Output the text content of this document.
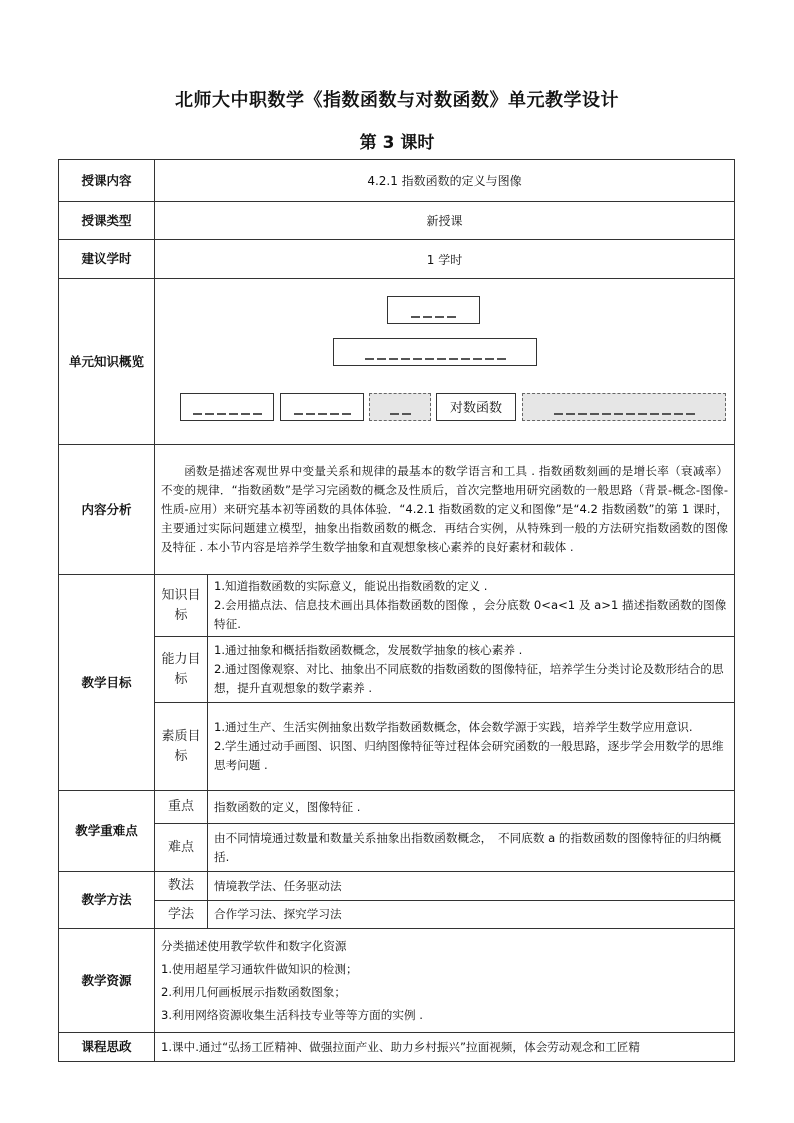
北师大中职数学《指数函数与对数函数》单元教学设计
第 3 课时
授课内容	4.2.1 指数函数的定义与图像	
授课类型	新授课	
建议学时	1 学时	
单元知识概览	对数函数	

内容分析	函数是描述客观世界中变量关系和规律的最基本的数学语言和工具 . 指数函数刻画的是增长率（衰减率）不变的规律．“指数函数”是学习完函数的概念及性质后，首次完整地用研究函数的一般思路（背景-概念-图像-性质-应用）来研究基本初等函数的具体体验．“4.2.1 指数函数的定义和图像”是“4.2 指数函数”的第 1 课时，主要通过实际问题建立模型，抽象出指数函数的概念．再结合实例，从特殊到一般的方法研究指数函数的图像及特征 . 本小节内容是培养学生数学抽象和直观想象核心素养的良好素材和载体 .	

教学目标	知识目标	1.知道指数函数的实际意义，能说出指数函数的定义 .

2.会用描点法、信息技术画出具体指数函数的图像 ，会分底数 0<a<1 及 a>1 描述指数函数的图像特征.

	能力目标	1.通过抽象和概括指数函数概念，发展数学抽象的核心素养 .

2.通过图像观察、对比、抽象出不同底数的指数函数的图像特征，培养学生分类讨论及数形结合的思想，提升直观想象的数学素养 .

	素质目标	1.通过生产、生活实例抽象出数学指数函数概念，体会数学源于实践，培养学生数学应用意识.

2.学生通过动手画图、识图、归纳图像特征等过程体会研究函数的一般思路，逐步学会用数学的思维思考问题 .

教学重难点	重点	指数函数的定义，图像特征 .
	难点	由不同情境通过数量和数量关系抽象出指数函数概念，　不同底数 a 的指数函数的图像特征的归纳概括.
教学方法	教法	情境教学法、任务驱动法
	学法	合作学习法、探究学习法
教学资源	分类描述使用教学软件和数字化资源

1.使用超星学习通软件做知识的检测；

2.利用几何画板展示指数函数图象；

3.利用网络资源收集生活科技专业等等方面的实例 .	

课程思政	1.课中.通过“弘扬工匠精神、做强拉面产业、助力乡村振兴”拉面视频，体会劳动观念和工匠精	
